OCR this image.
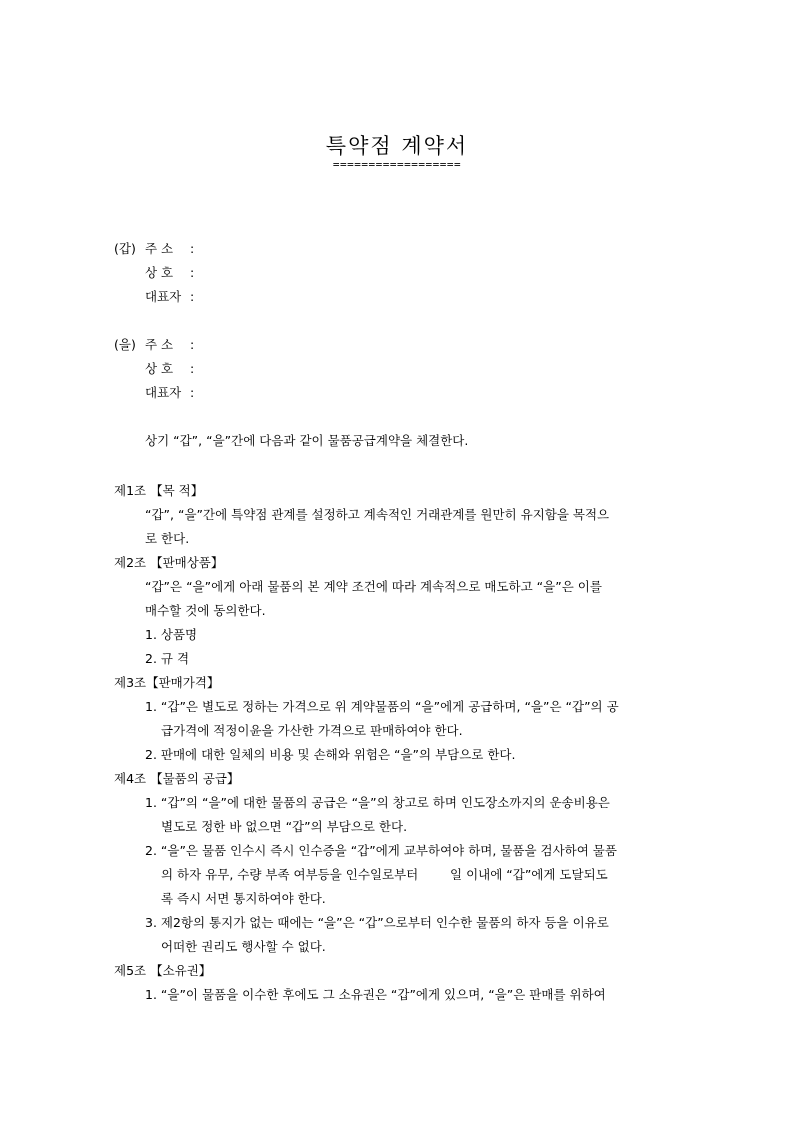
특약점 계약서
==================
(갑) 주 소	:
상 호	:
대표자 :
(을) 주 소	:
상 호	:
대표자 :
상기 “갑”, “을”간에 다음과 같이 물품공급계약을 체결한다.
제1조 【목 적】
“갑”, “을”간에 특약점 관계를 설정하고 계속적인 거래관계를 원만히 유지함을 목적으
로 한다.
제2조 【판매상품】
“갑”은 “을”에게 아래 물품의 본 계약 조건에 따라 계속적으로 매도하고 “을”은 이를
매수할 것에 동의한다.
1. 상품명
2. 규 격
제3조【판매가격】
1. “갑”은 별도로 정하는 가격으로 위 계약물품의 “을”에게 공급하며, “을”은 “갑”의 공
급가격에 적정이윤을 가산한 가격으로 판매하여야 한다.
2. 판매에 대한 일체의 비용 및 손해와 위험은 “을”의 부담으로 한다.
제4조 【물품의 공급】
1. “갑”의 “을”에 대한 물품의 공급은 “을”의 창고로 하며 인도장소까지의 운송비용은
별도로 정한 바 없으면 “갑”의 부담으로 한다.
2. “을”은 물품 인수시 즉시 인수증을 “갑”에게 교부하여야 하며, 물품을 검사하여 물품
의 하자 유무, 수량 부족 여부등을 인수일로부터        일 이내에 “갑”에게 도달되도
록 즉시 서면 통지하여야 한다.
3. 제2항의 통지가 없는 때에는 “을”은 “갑”으로부터 인수한 물품의 하자 등을 이유로
어떠한 권리도 행사할 수 없다.
제5조 【소유권】
1. “을”이 물품을 이수한 후에도 그 소유권은 “갑”에게 있으며, “을”은 판매를 위하여
